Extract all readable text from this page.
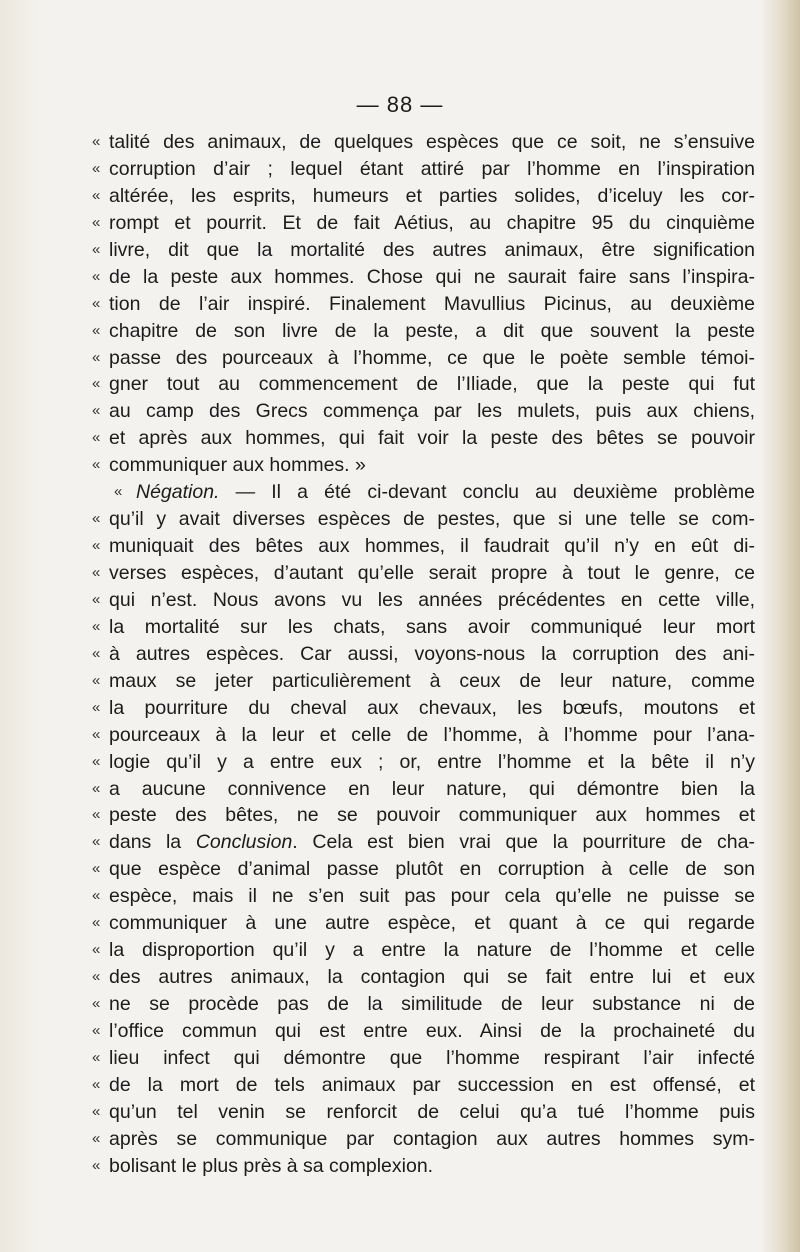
— 88 —
« talité des animaux, de quelques espèces que ce soit, ne s’ensuive
« corruption d’air ; lequel étant attiré par l’homme en l’inspiration
« altérée, les esprits, humeurs et parties solides, d’iceluy les cor-
« rompt et pourrit. Et de fait Aétius, au chapitre 95 du cinquième
« livre, dit que la mortalité des autres animaux, être signification
« de la peste aux hommes. Chose qui ne saurait faire sans l’inspira-
« tion de l’air inspiré. Finalement Mavullius Picinus, au deuxième
« chapitre de son livre de la peste, a dit que souvent la peste
« passe des pourceaux à l’homme, ce que le poète semble témoi-
« gner tout au commencement de l’Iliade, que la peste qui fut
« au camp des Grecs commença par les mulets, puis aux chiens,
« et après aux hommes, qui fait voir la peste des bêtes se pouvoir
« communiquer aux hommes. »
« Négation. — Il a été ci-devant conclu au deuxième problème
« qu’il y avait diverses espèces de pestes, que si une telle se com-
« muniquait des bêtes aux hommes, il faudrait qu’il n’y en eût di-
« verses espèces, d’autant qu’elle serait propre à tout le genre, ce
« qui n’est. Nous avons vu les années précédentes en cette ville,
« la mortalité sur les chats, sans avoir communiqué leur mort
« à autres espèces. Car aussi, voyons-nous la corruption des ani-
« maux se jeter particulièrement à ceux de leur nature, comme
« la pourriture du cheval aux chevaux, les bœufs, moutons et
« pourceaux à la leur et celle de l’homme, à l’homme pour l’ana-
« logie qu’il y a entre eux ; or, entre l’homme et la bête il n’y
« a aucune connivence en leur nature, qui démontre bien la
« peste des bêtes, ne se pouvoir communiquer aux hommes et
« dans la Conclusion. Cela est bien vrai que la pourriture de cha-
« que espèce d’animal passe plutôt en corruption à celle de son
« espèce, mais il ne s’en suit pas pour cela qu’elle ne puisse se
« communiquer à une autre espèce, et quant à ce qui regarde
« la disproportion qu’il y a entre la nature de l’homme et celle
« des autres animaux, la contagion qui se fait entre lui et eux
« ne se procède pas de la similitude de leur substance ni de
« l’office commun qui est entre eux. Ainsi de la prochaineté du
« lieu infect qui démontre que l’homme respirant l’air infecté
« de la mort de tels animaux par succession en est offensé, et
« qu’un tel venin se renforcit de celui qu’a tué l’homme puis
« après se communique par contagion aux autres hommes sym-
« bolisant le plus près à sa complexion.
